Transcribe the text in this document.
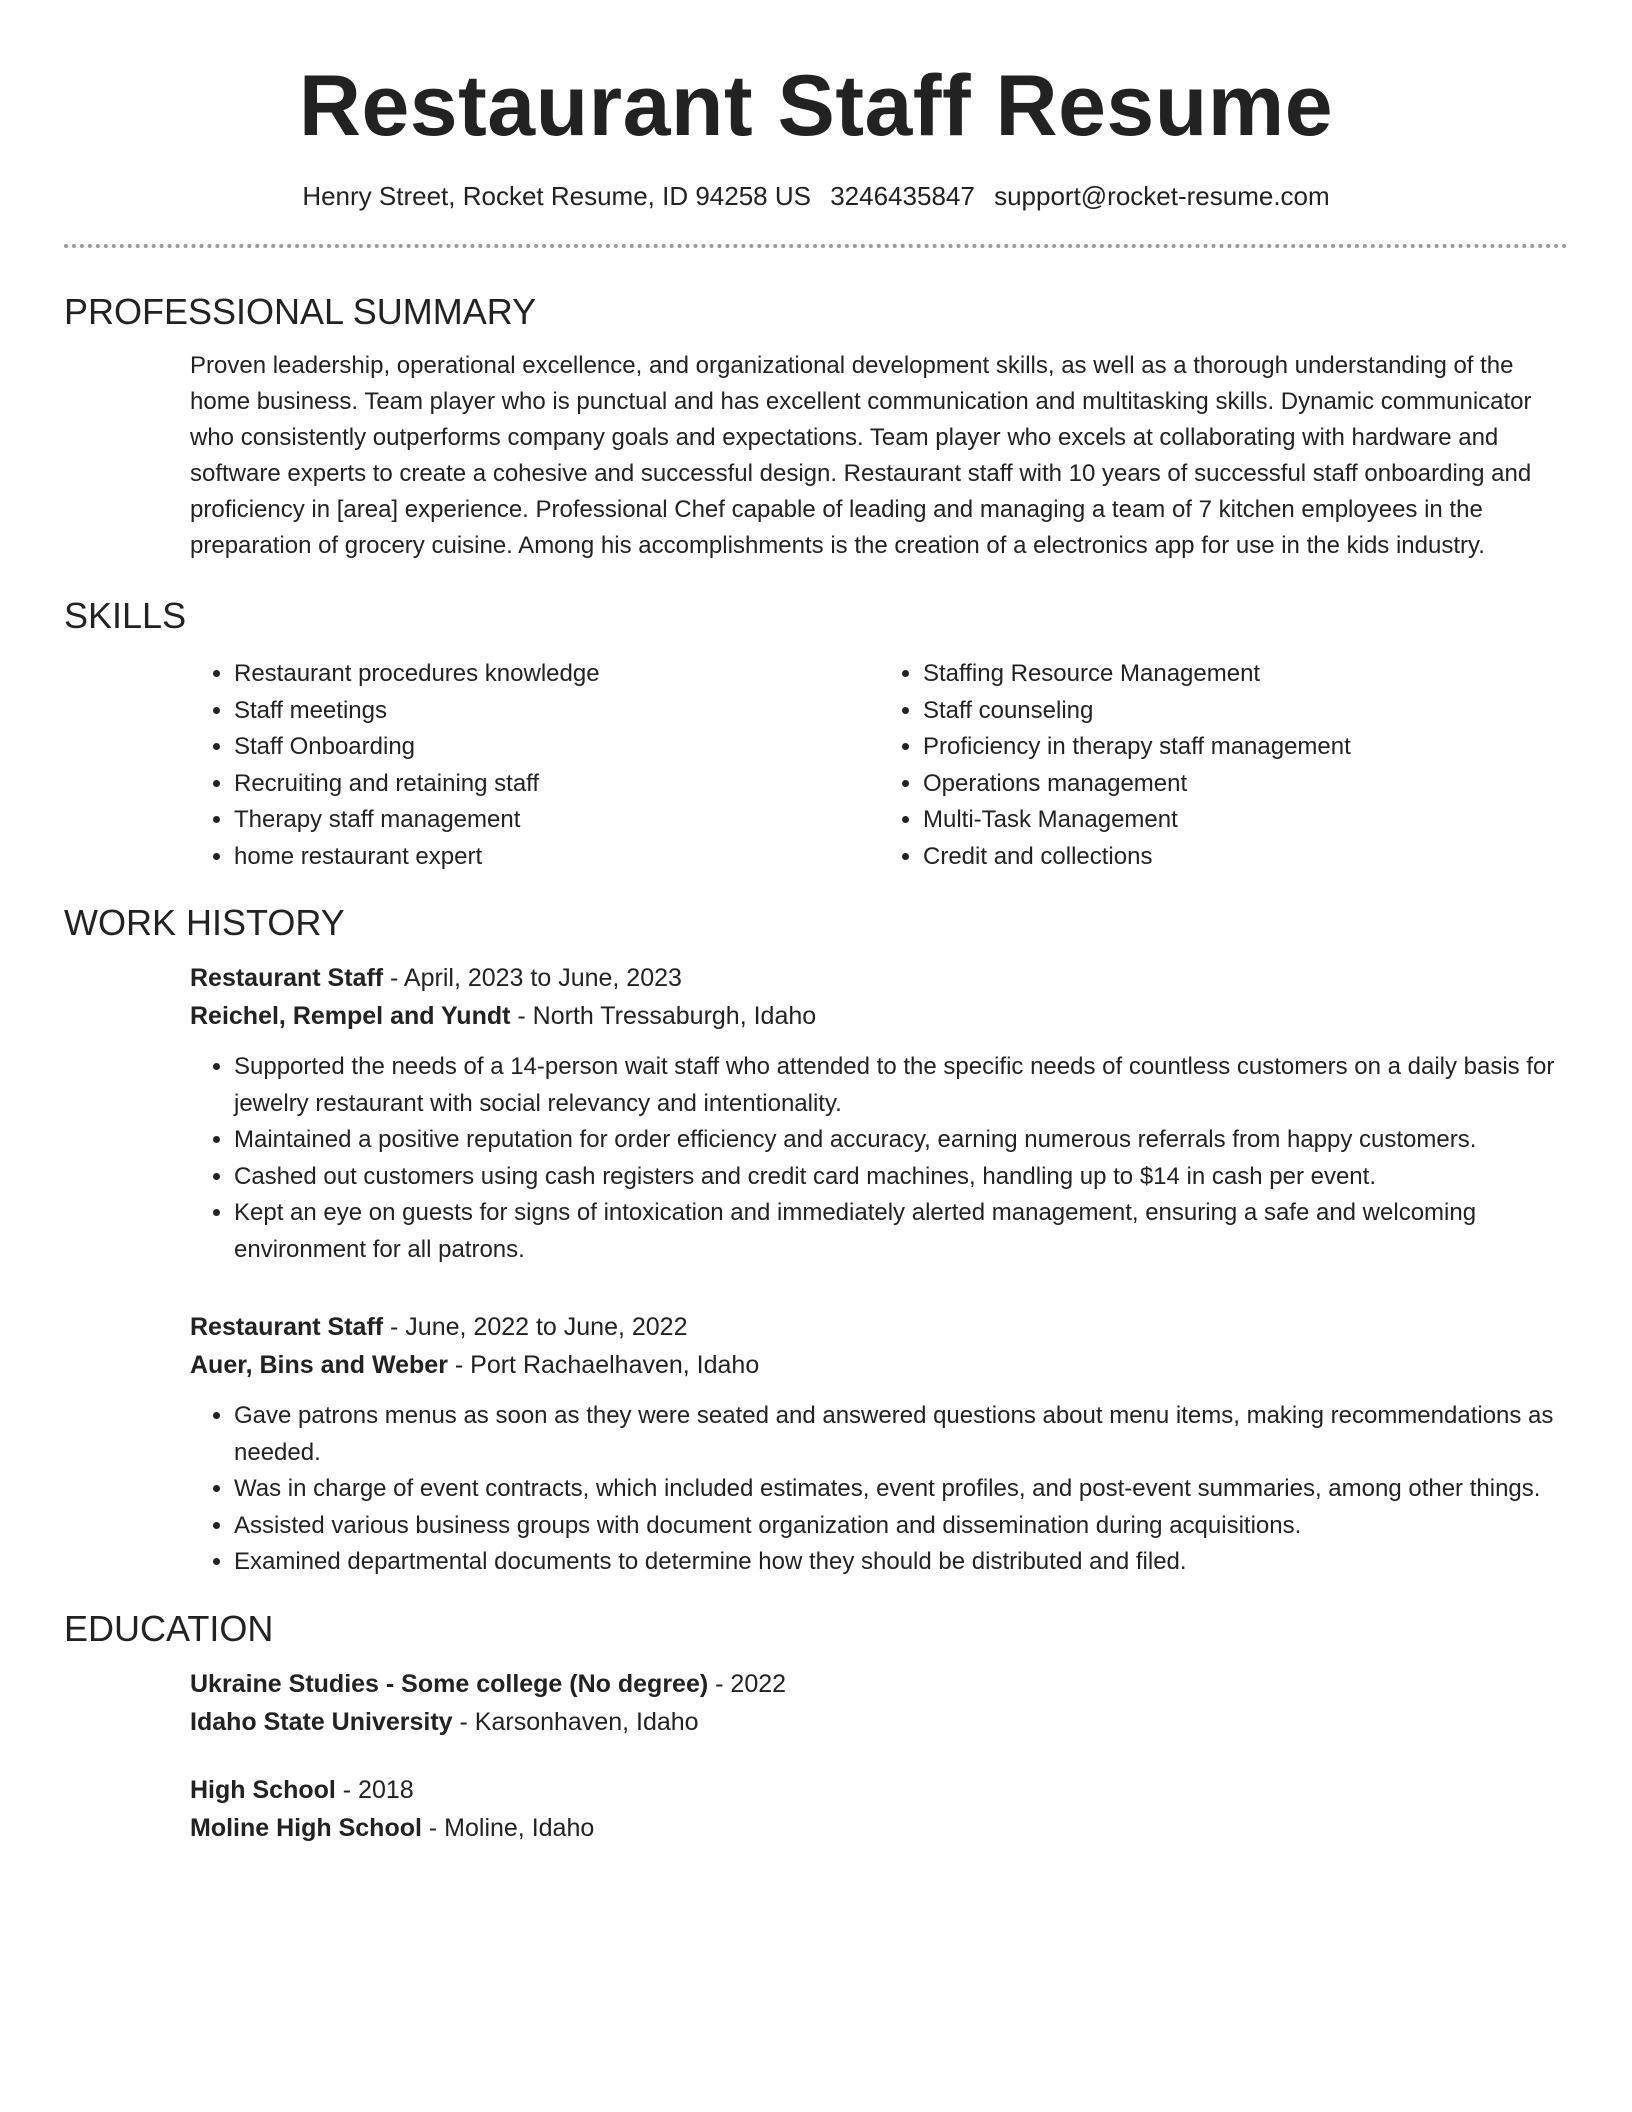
Restaurant Staff Resume
Henry Street, Rocket Resume, ID 94258 US 3246435847 support@rocket-resume.com
PROFESSIONAL SUMMARY

Proven leadership, operational excellence, and organizational development skills, as well as a thorough understanding of the home business. Team player who is punctual and has excellent communication and multitasking skills. Dynamic communicator who consistently outperforms company goals and expectations. Team player who excels at collaborating with hardware and software experts to create a cohesive and successful design. Restaurant staff with 10 years of successful staff onboarding and proficiency in [area] experience. Professional Chef capable of leading and managing a team of 7 kitchen employees in the preparation of grocery cuisine. Among his accomplishments is the creation of a electronics app for use in the kids industry.

SKILLS
• Restaurant procedures knowledge
• Staff meetings
• Staff Onboarding
• Recruiting and retaining staff
• Therapy staff management
• home restaurant expert
• Staffing Resource Management
• Staff counseling
• Proficiency in therapy staff management
• Operations management
• Multi-Task Management
• Credit and collections
WORK HISTORY
Restaurant Staff - April, 2023 to June, 2023
Reichel, Rempel and Yundt - North Tressaburgh, Idaho
• Supported the needs of a 14-person wait staff who attended to the specific needs of countless customers on a daily basis for jewelry restaurant with social relevancy and intentionality.
• Maintained a positive reputation for order efficiency and accuracy, earning numerous referrals from happy customers.
• Cashed out customers using cash registers and credit card machines, handling up to $14 in cash per event.
• Kept an eye on guests for signs of intoxication and immediately alerted management, ensuring a safe and welcoming environment for all patrons.
Restaurant Staff - June, 2022 to June, 2022
Auer, Bins and Weber - Port Rachaelhaven, Idaho
• Gave patrons menus as soon as they were seated and answered questions about menu items, making recommendations as needed.
• Was in charge of event contracts, which included estimates, event profiles, and post-event summaries, among other things.
• Assisted various business groups with document organization and dissemination during acquisitions.
• Examined departmental documents to determine how they should be distributed and filed.
EDUCATION
Ukraine Studies - Some college (No degree) - 2022
Idaho State University - Karsonhaven, Idaho
High School - 2018
Moline High School - Moline, Idaho
